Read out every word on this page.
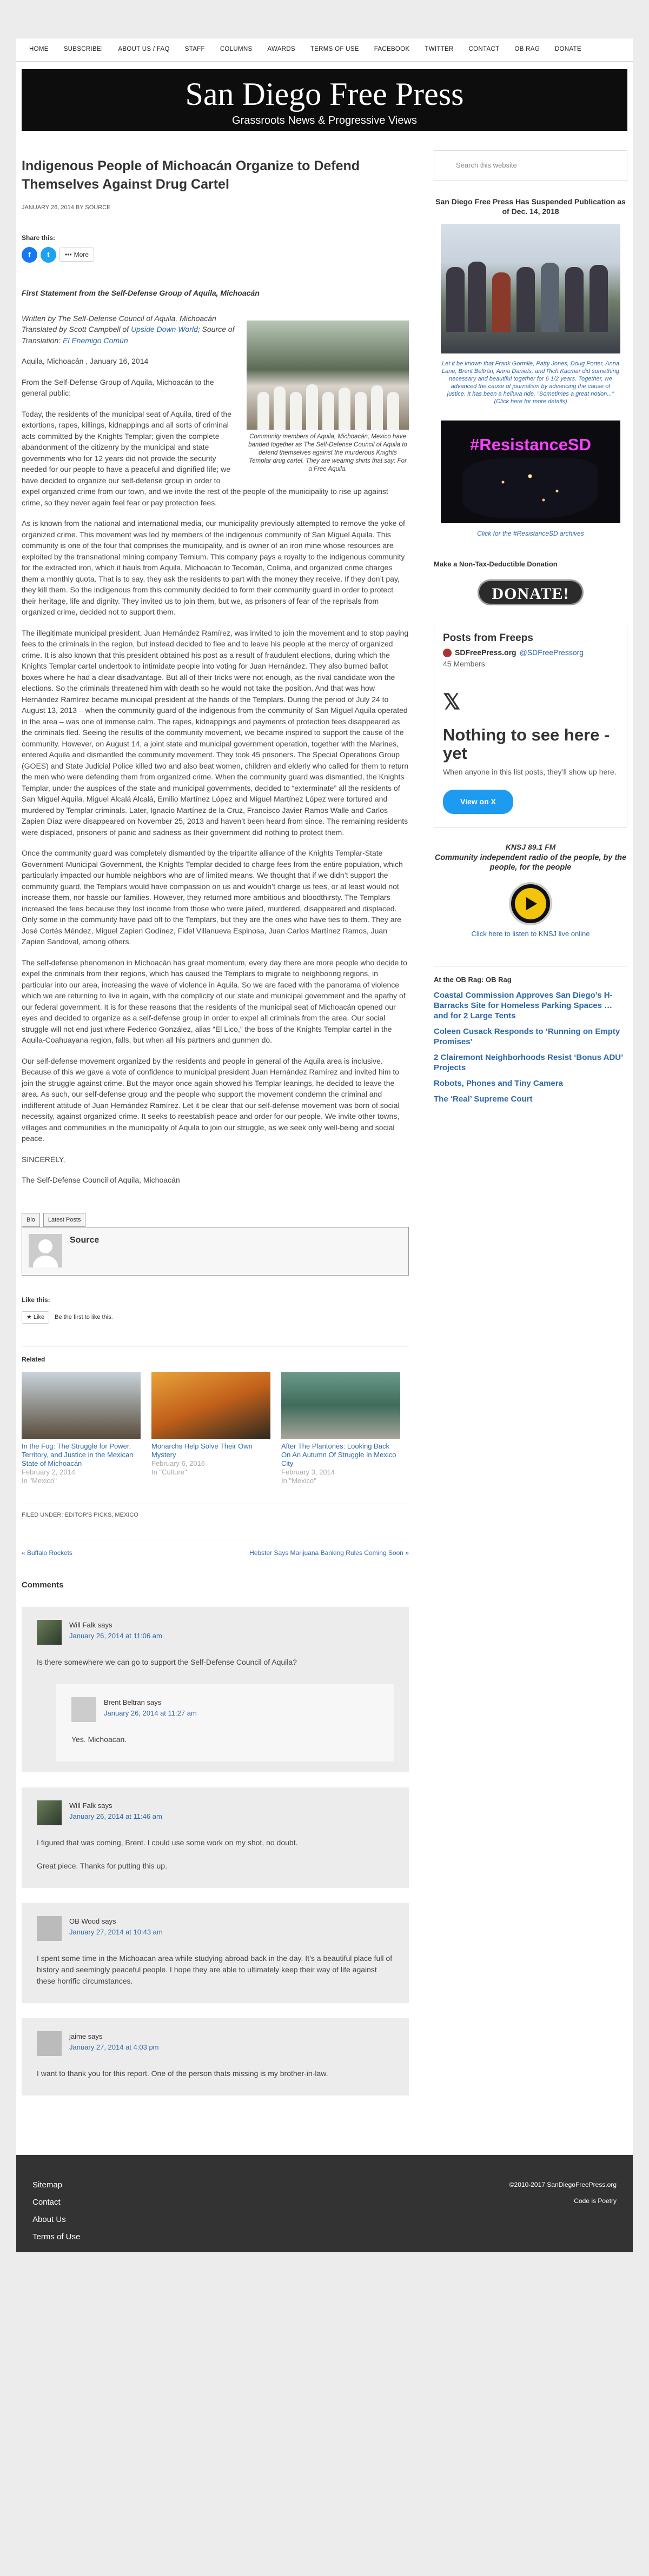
HOME	SUBSCRIBE!	ABOUT US / FAQ	STAFF	COLUMNS	AWARDS	TERMS OF USE	FACEBOOK	TWITTER	CONTACT	OB RAG	DONATE
San Diego Free Press
Grassroots News & Progressive Views
Indigenous People of Michoacán Organize to Defend Themselves Against Drug Cartel
JANUARY 26, 2014 BY SOURCE
Share this:
f	t	••• More
First Statement from the Self-Defense Group of Aquila, Michoacán
Community members of Aquila, Michoacán, Mexico have banded together as The Self-Defense Council of Aquila to defend themselves against the murderous Knights Templar drug cartel. They are wearing shirts that say: For a Free Aquila.

Written by The Self-Defense Council of Aquila, Michoacán
Translated by Scott Campbell of Upside Down World; Source of Translation: El Enemigo Común

Aquila, Michoacán , January 16, 2014

From the Self-Defense Group of Aquila, Michoacán to the general public:

Today, the residents of the municipal seat of Aquila, tired of the extortions, rapes, killings, kidnappings and all sorts of criminal acts committed by the Knights Templar; given the complete abandonment of the citizenry by the municipal and state governments who for 12 years did not provide the security needed for our people to have a peaceful and dignified life; we have decided to organize our self-defense group in order to expel organized crime from our town, and we invite the rest of the people of the municipality to rise up against crime, so they never again feel fear or pay protection fees.

As is known from the national and international media, our municipality previously attempted to remove the yoke of organized crime. This movement was led by members of the indigenous community of San Miguel Aquila. This community is one of the four that comprises the municipality, and is owner of an iron mine whose resources are exploited by the transnational mining company Ternium. This company pays a royalty to the indigenous community for the extracted iron, which it hauls from Aquila, Michoacán to Tecomán, Colima, and organized crime charges them a monthly quota. That is to say, they ask the residents to part with the money they receive. If they don’t pay, they kill them. So the indigenous from this community decided to form their community guard in order to protect their heritage, life and dignity. They invited us to join them, but we, as prisoners of fear of the reprisals from organized crime, decided not to support them.

The illegitimate municipal president, Juan Hernández Ramírez, was invited to join the movement and to stop paying fees to the criminals in the region, but instead decided to flee and to leave his people at the mercy of organized crime. It is also known that this president obtained his post as a result of fraudulent elections, during which the Knights Templar cartel undertook to intimidate people into voting for Juan Hernández. They also burned ballot boxes where he had a clear disadvantage. But all of their tricks were not enough, as the rival candidate won the elections. So the criminals threatened him with death so he would not take the position. And that was how Hernández Ramírez became municipal president at the hands of the Templars. During the period of July 24 to August 13, 2013 – when the community guard of the indigenous from the community of San Miguel Aquila operated in the area – was one of immense calm. The rapes, kidnappings and payments of protection fees disappeared as the criminals fled. Seeing the results of the community movement, we became inspired to support the cause of the community. However, on August 14, a joint state and municipal government operation, together with the Marines, entered Aquila and dismantled the community movement. They took 45 prisoners. The Special Operations Group (GOES) and State Judicial Police killed two and also beat women, children and elderly who called for them to return the men who were defending them from organized crime. When the community guard was dismantled, the Knights Templar, under the auspices of the state and municipal governments, decided to “exterminate” all the residents of San Miguel Aquila. Miguel Alcalá Alcalá, Emilio Martínez López and Miguel Martínez López were tortured and murdered by Templar criminals. Later, Ignacio Martínez de la Cruz, Francisco Javier Ramos Walle and Carlos Zapien Díaz were disappeared on November 25, 2013 and haven’t been heard from since. The remaining residents were displaced, prisoners of panic and sadness as their government did nothing to protect them.

Once the community guard was completely dismantled by the tripartite alliance of the Knights Templar-State Government-Municipal Government, the Knights Templar decided to charge fees from the entire population, which particularly impacted our humble neighbors who are of limited means. We thought that if we didn’t support the community guard, the Templars would have compassion on us and wouldn’t charge us fees, or at least would not increase them, nor hassle our families. However, they returned more ambitious and bloodthirsty. The Templars increased the fees because they lost income from those who were jailed, murdered, disappeared and displaced. Only some in the community have paid off to the Templars, but they are the ones who have ties to them. They are José Cortés Méndez, Miguel Zapien Godínez, Fidel Villanueva Espinosa, Juan Carlos Martínez Ramos, Juan Zapien Sandoval, among others.

The self-defense phenomenon in Michoacán has great momentum, every day there are more people who decide to expel the criminals from their regions, which has caused the Templars to migrate to neighboring regions, in particular into our area, increasing the wave of violence in Aquila. So we are faced with the panorama of violence which we are returning to live in again, with the complicity of our state and municipal government and the apathy of our federal government. It is for these reasons that the residents of the municipal seat of Michoacán opened our eyes and decided to organize as a self-defense group in order to expel all criminals from the area. Our social struggle will not end just where Federico González, alias “El Lico,” the boss of the Knights Templar cartel in the Aquila-Coahuayana region, falls, but when all his partners and gunmen do.

Our self-defense movement organized by the residents and people in general of the Aquila area is inclusive. Because of this we gave a vote of confidence to municipal president Juan Hernández Ramírez and invited him to join the struggle against crime. But the mayor once again showed his Templar leanings, he decided to leave the area. As such, our self-defense group and the people who support the movement condemn the criminal and indifferent attitude of Juan Hernández Ramírez. Let it be clear that our self-defense movement was born of social necessity, against organized crime. It seeks to reestablish peace and order for our people. We invite other towns, villages and communities in the municipality of Aquila to join our struggle, as we seek only well-being and social peace.

SINCERELY,

The Self-Defense Council of Aquila, Michoacán

Bio	Latest Posts
Source
Like this:
★ Like	Be the first to like this.
Related
In the Fog: The Struggle for Power, Territory, and Justice in the Mexican State of Michoacán
February 2, 2014
In "Mexico"
Monarchs Help Solve Their Own Mystery
February 6, 2016
In "Culture"
After The Plantones: Looking Back On An Autumn Of Struggle In Mexico City
February 3, 2014
In "Mexico"
FILED UNDER: EDITOR'S PICKS, MEXICO
« Buffalo Rockets	Hebster Says Marijuana Banking Rules Coming Soon »
Comments
Will Falk says
January 26, 2014 at 11:06 am

Is there somewhere we can go to support the Self-Defense Council of Aquila?

Brent Beltran says
January 26, 2014 at 11:27 am

Yes. Michoacan.

Will Falk says
January 26, 2014 at 11:46 am

I figured that was coming, Brent. I could use some work on my shot, no doubt.

Great piece. Thanks for putting this up.

OB Wood says
January 27, 2014 at 10:43 am

I spent some time in the Michoacan area while studying abroad back in the day. It’s a beautiful place full of history and seemingly peaceful people. I hope they are able to ultimately keep their way of life against these horrific circumstances.

jaime says
January 27, 2014 at 4:03 pm

I want to thank you for this report. One of the person thats missing is my brother-in-law.

Search this website
San Diego Free Press Has Suspended Publication as of Dec. 14, 2018
Let it be known that Frank Gormlie, Patty Jones, Doug Porter, Anna Lane, Brent Beltrán, Anna Daniels, and Rich Kacmar did something necessary and beautiful together for 6 1/2 years. Together, we advanced the cause of journalism by advancing the cause of justice. It has been a helluva ride. "Sometimes a great notion..." (Click here for more details)
#ResistanceSD
Click for the #ResistanceSD archives
Make a Non-Tax-Deductible Donation
DONATE!
Posts from Freeps
SDFreePress.org @SDFreePressorg
45 Members
𝕏
Nothing to see here - yet
When anyone in this list posts, they’ll show up here.
View on X
KNSJ 89.1 FM
Community independent radio of the people, by the people, for the people
Click here to listen to KNSJ live online
At the OB Rag: OB Rag
Coastal Commission Approves San Diego’s H-Barracks Site for Homeless Parking Spaces … and for 2 Large Tents
Coleen Cusack Responds to ‘Running on Empty Promises’
2 Clairemont Neighborhoods Resist ‘Bonus ADU’ Projects
Robots, Phones and Tiny Camera
The ‘Real’ Supreme Court
Sitemap
Contact
About Us
Terms of Use
©2010-2017 SanDiegoFreePress.org
Code is Poetry
